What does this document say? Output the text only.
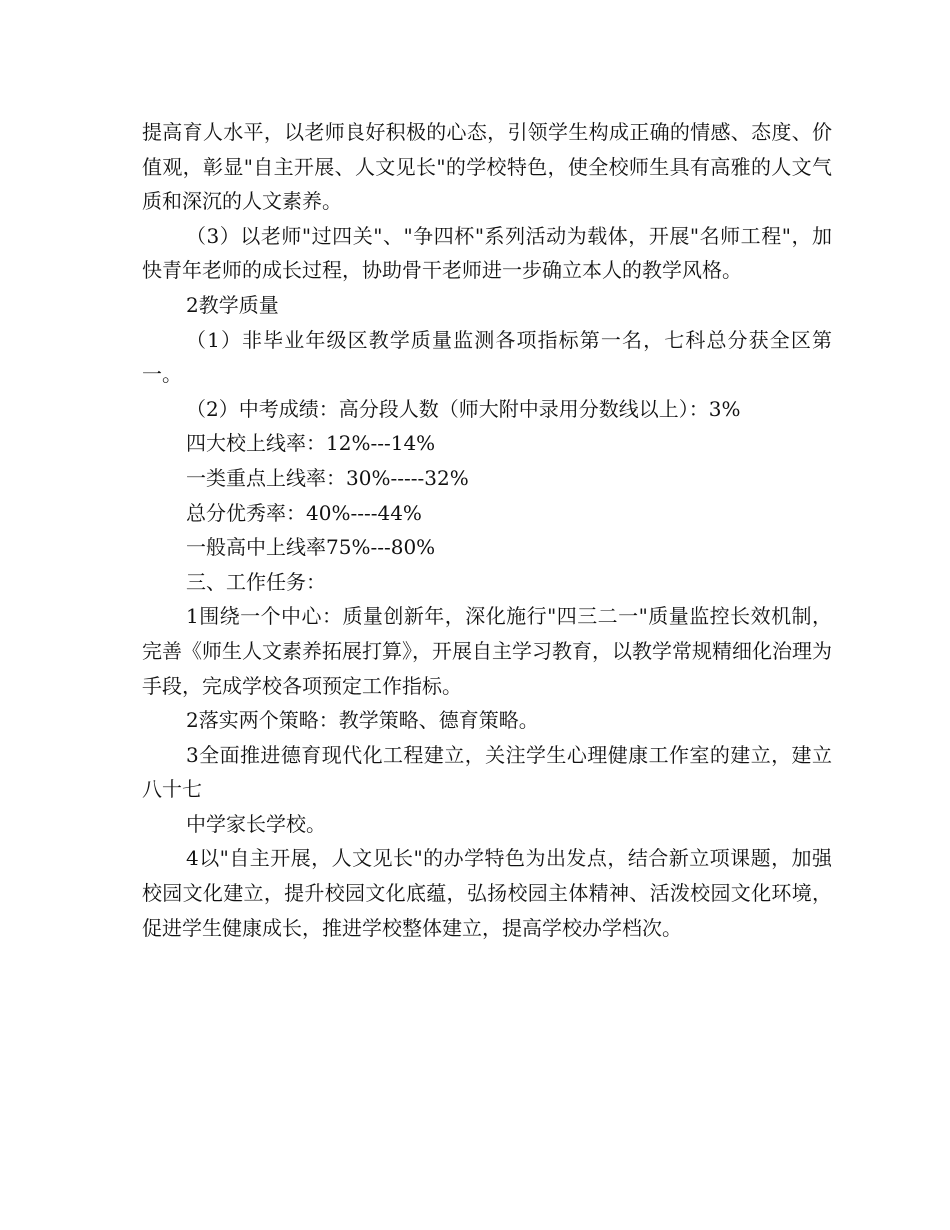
提高育人水平，以老师良好积极的心态，引领学生构成正确的情感、态度、价值观，彰显"自主开展、人文见长"的学校特色，使全校师生具有高雅的人文气质和深沉的人文素养。

（3）以老师"过四关"、"争四杯"系列活动为载体，开展"名师工程"，加快青年老师的成长过程，协助骨干老师进一步确立本人的教学风格。

2教学质量

（1）非毕业年级区教学质量监测各项指标第一名，七科总分获全区第一。

（2）中考成绩：高分段人数（师大附中录用分数线以上）：3%

四大校上线率：12%---14%

一类重点上线率：30%-----32%

总分优秀率：40%----44%

一般高中上线率75%---80%

三、工作任务：

1围绕一个中心：质量创新年，深化施行"四三二一"质量监控长效机制，完善《师生人文素养拓展打算》，开展自主学习教育，以教学常规精细化治理为手段，完成学校各项预定工作指标。

2落实两个策略：教学策略、德育策略。

3全面推进德育现代化工程建立，关注学生心理健康工作室的建立，建立八十七

中学家长学校。

4以"自主开展，人文见长"的办学特色为出发点，结合新立项课题，加强校园文化建立，提升校园文化底蕴，弘扬校园主体精神、活泼校园文化环境，促进学生健康成长，推进学校整体建立，提高学校办学档次。
